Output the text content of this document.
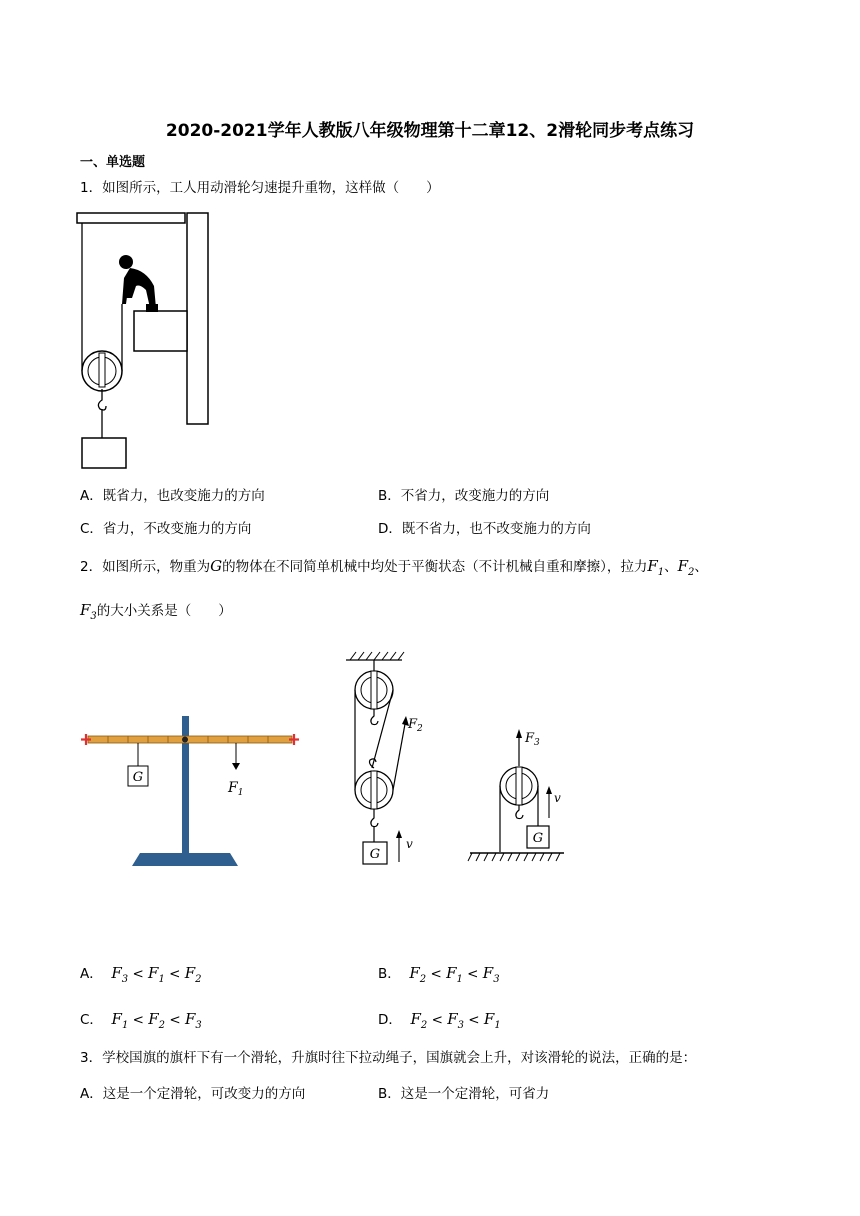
2020-2021学年人教版八年级物理第十二章12、2滑轮同步考点练习
一、单选题
1．如图所示，工人用动滑轮匀速提升重物，这样做（　　）
A．既省力，也改变施力的方向	B．不省力，改变施力的方向
C．省力，不改变施力的方向	D．既不省力，也不改变施力的方向
2．如图所示，物重为G的物体在不同简单机械中均处于平衡状态（不计机械自重和摩擦），拉力$F_1$、$F_2$、
$F_3$的大小关系是（　　）
G
$F_1$
$F_2$
G
v
$F_3$
G
v
A． $F_3 < F_1 < F_2$	B． $F_2 < F_1 < F_3$
C． $F_1 < F_2 < F_3$	D． $F_2 < F_3 < F_1$
3．学校国旗的旗杆下有一个滑轮，升旗时往下拉动绳子，国旗就会上升，对该滑轮的说法，正确的是：
A．这是一个定滑轮，可改变力的方向	B．这是一个定滑轮，可省力
